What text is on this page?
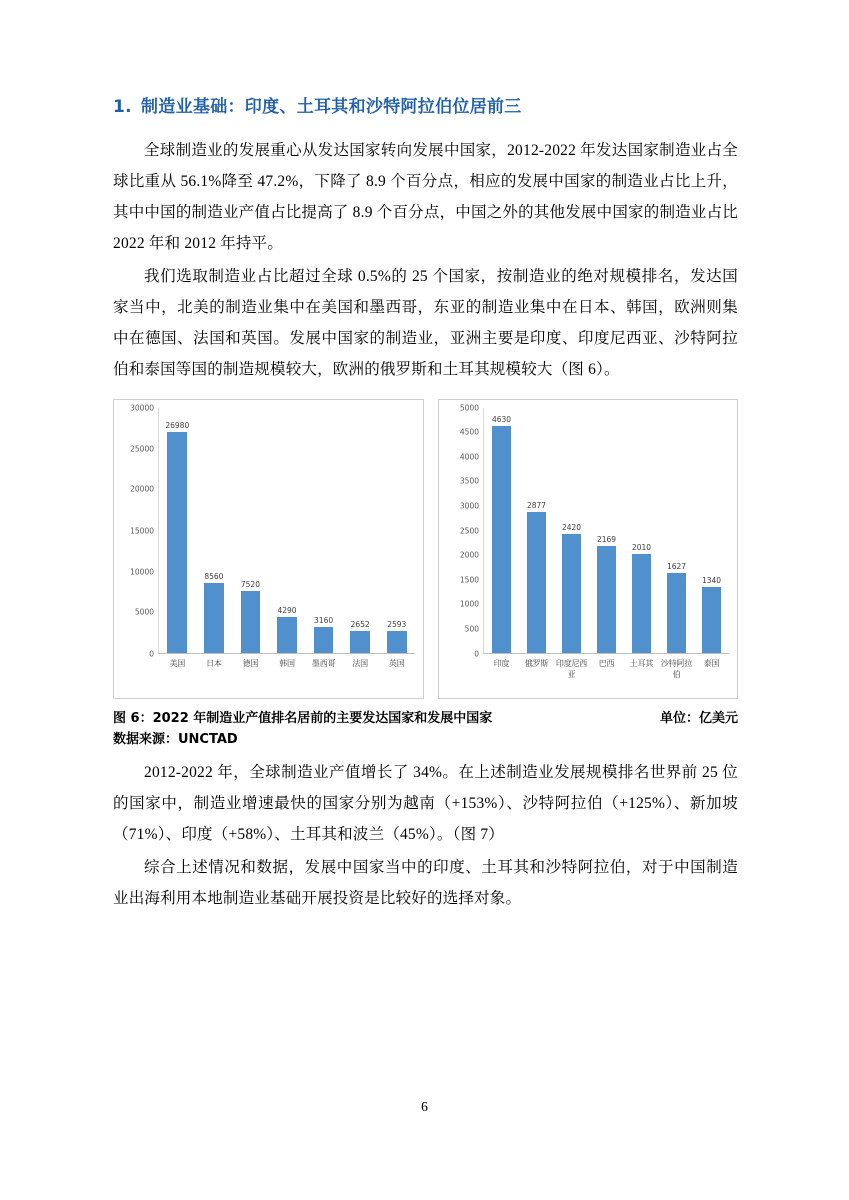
1. 制造业基础：印度、土耳其和沙特阿拉伯位居前三

全球制造业的发展重心从发达国家转向发展中国家，2012-2022 年发达国家制造业占全球比重从 56.1%降至 47.2%，下降了 8.9 个百分点，相应的发展中国家的制造业占比上升，其中中国的制造业产值占比提高了 8.9 个百分点，中国之外的其他发展中国家的制造业占比 2022 年和 2012 年持平。

我们选取制造业占比超过全球 0.5%的 25 个国家，按制造业的绝对规模排名，发达国家当中，北美的制造业集中在美国和墨西哥，东亚的制造业集中在日本、韩国，欧洲则集中在德国、法国和英国。发展中国家的制造业，亚洲主要是印度、印度尼西亚、沙特阿拉伯和泰国等国的制造规模较大，欧洲的俄罗斯和土耳其规模较大（图 6）。

0
5000
10000
15000
20000
25000
30000
26980
8560
7520
4290
3160 2652 2593
美国	日本	德国	韩国	墨西哥	法国	英国
0
500
1000
1500
2000
2500
3000
3500
4000
4500
5000
4630
2877
2420
2169
2010
1627
1340
印度	俄罗斯 印度尼西亚
巴西	土耳其 沙特阿拉伯
泰国
图 6：2022 年制造业产值排名居前的主要发达国家和发展中国家	单位：亿美元
数据来源：UNCTAD

2012-2022 年，全球制造业产值增长了 34%。在上述制造业发展规模排名世界前 25 位的国家中，制造业增速最快的国家分别为越南（+153%）、沙特阿拉伯（+125%）、新加坡（71%）、印度（+58%）、土耳其和波兰（45%）。（图 7）

综合上述情况和数据，发展中国家当中的印度、土耳其和沙特阿拉伯，对于中国制造业出海利用本地制造业基础开展投资是比较好的选择对象。

6
